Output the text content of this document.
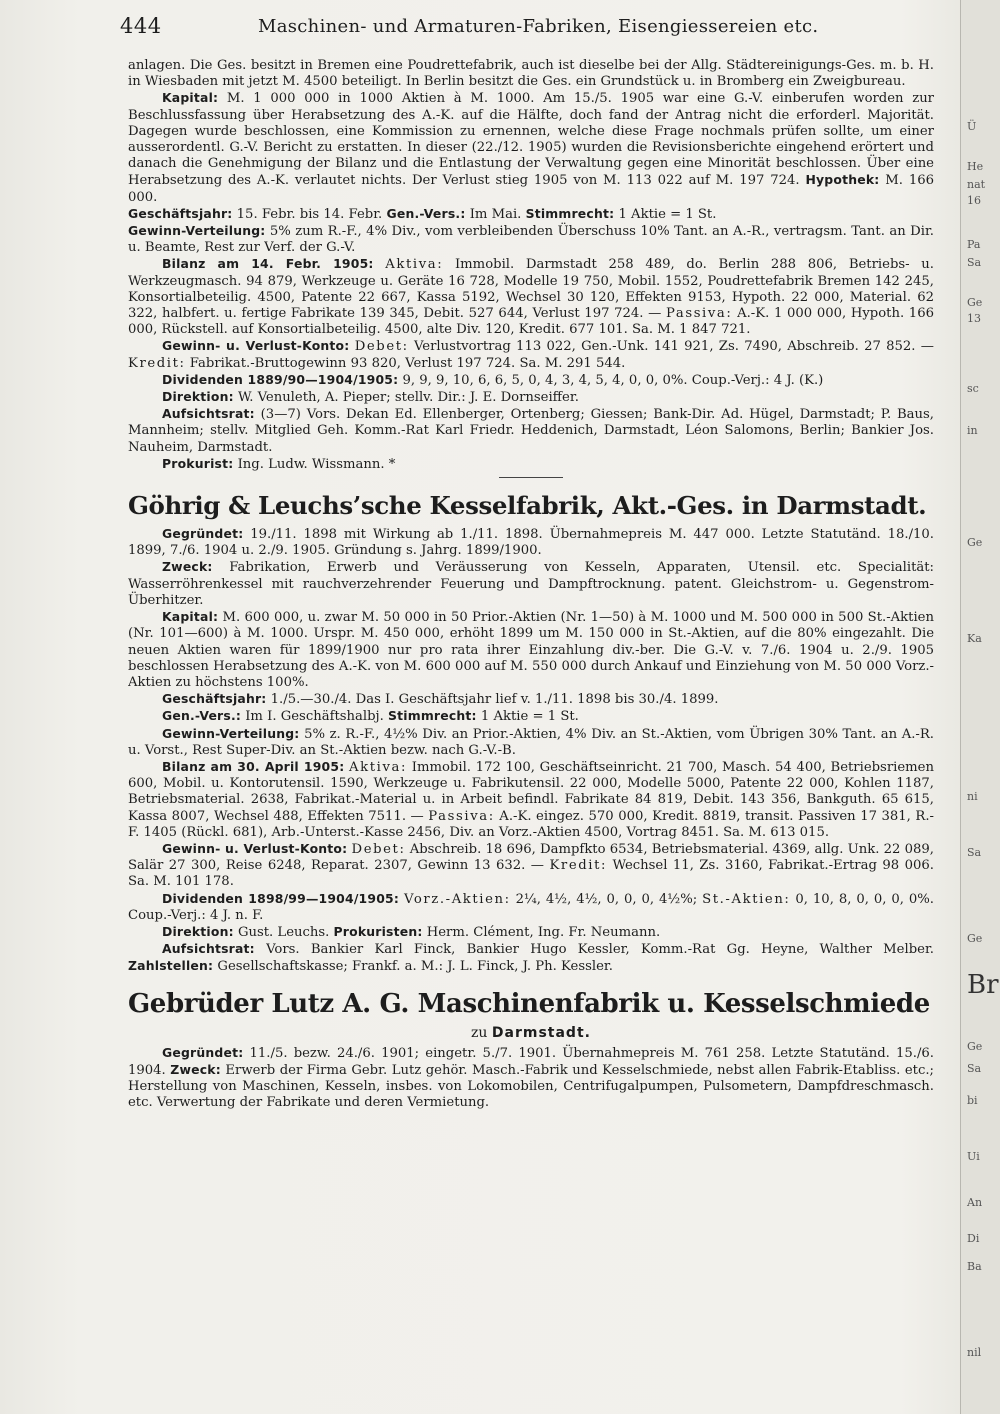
444	Maschinen- und Armaturen-Fabriken, Eisengiessereien etc.
Ü
He
nat
16
Pa
Sa
Ge
13
sc
in
Ge
Ka
ni
Sa
Ge
Br
Ge
Sa
bi
Ui
An
Di
Ba
nil

anlagen. Die Ges. besitzt in Bremen eine Poudrettefabrik, auch ist dieselbe bei der Allg. Städtereinigungs-Ges. m. b. H. in Wiesbaden mit jetzt M. 4500 beteiligt. In Berlin besitzt die Ges. ein Grundstück u. in Bromberg ein Zweigbureau.

Kapital: M. 1 000 000 in 1000 Aktien à M. 1000. Am 15./5. 1905 war eine G.-V. einberufen worden zur Beschlussfassung über Herabsetzung des A.-K. auf die Hälfte, doch fand der Antrag nicht die erforderl. Majorität. Dagegen wurde beschlossen, eine Kommission zu ernennen, welche diese Frage nochmals prüfen sollte, um einer ausserordentl. G.-V. Bericht zu erstatten. In dieser (22./12. 1905) wurden die Revisionsberichte eingehend erörtert und danach die Genehmigung der Bilanz und die Entlastung der Verwaltung gegen eine Minorität beschlossen. Über eine Herabsetzung des A.-K. verlautet nichts. Der Verlust stieg 1905 von M. 113 022 auf M. 197 724. Hypothek: M. 166 000.

Geschäftsjahr: 15. Febr. bis 14. Febr. Gen.-Vers.: Im Mai. Stimmrecht: 1 Aktie = 1 St.

Gewinn-Verteilung: 5% zum R.-F., 4% Div., vom verbleibenden Überschuss 10% Tant. an A.-R., vertragsm. Tant. an Dir. u. Beamte, Rest zur Verf. der G.-V.

Bilanz am 14. Febr. 1905: Aktiva: Immobil. Darmstadt 258 489, do. Berlin 288 806, Betriebs- u. Werkzeugmasch. 94 879, Werkzeuge u. Geräte 16 728, Modelle 19 750, Mobil. 1552, Poudrettefabrik Bremen 142 245, Konsortialbeteilig. 4500, Patente 22 667, Kassa 5192, Wechsel 30 120, Effekten 9153, Hypoth. 22 000, Material. 62 322, halbfert. u. fertige Fabrikate 139 345, Debit. 527 644, Verlust 197 724. — Passiva: A.-K. 1 000 000, Hypoth. 166 000, Rückstell. auf Konsortialbeteilig. 4500, alte Div. 120, Kredit. 677 101. Sa. M. 1 847 721.

Gewinn- u. Verlust-Konto: Debet: Verlustvortrag 113 022, Gen.-Unk. 141 921, Zs. 7490, Abschreib. 27 852. — Kredit: Fabrikat.-Bruttogewinn 93 820, Verlust 197 724. Sa. M. 291 544.

Dividenden 1889/90—1904/1905: 9, 9, 9, 10, 6, 6, 5, 0, 4, 3, 4, 5, 4, 0, 0, 0%. Coup.-Verj.: 4 J. (K.)

Direktion: W. Venuleth, A. Pieper; stellv. Dir.: J. E. Dornseiffer.

Aufsichtsrat: (3—7) Vors. Dekan Ed. Ellenberger, Ortenberg; Giessen; Bank-Dir. Ad. Hügel, Darmstadt; P. Baus, Mannheim; stellv. Mitglied Geh. Komm.-Rat Karl Friedr. Heddenich, Darmstadt, Léon Salomons, Berlin; Bankier Jos. Nauheim, Darmstadt.

Prokurist: Ing. Ludw. Wissmann. *

Göhrig & Leuchs’sche Kesselfabrik, Akt.-Ges. in Darmstadt.

Gegründet: 19./11. 1898 mit Wirkung ab 1./11. 1898. Übernahmepreis M. 447 000. Letzte Statutänd. 18./10. 1899, 7./6. 1904 u. 2./9. 1905. Gründung s. Jahrg. 1899/1900.

Zweck: Fabrikation, Erwerb und Veräusserung von Kesseln, Apparaten, Utensil. etc. Specialität: Wasserröhrenkessel mit rauchverzehrender Feuerung und Dampftrocknung. patent. Gleichstrom- u. Gegenstrom-Überhitzer.

Kapital: M. 600 000, u. zwar M. 50 000 in 50 Prior.-Aktien (Nr. 1—50) à M. 1000 und M. 500 000 in 500 St.-Aktien (Nr. 101—600) à M. 1000. Urspr. M. 450 000, erhöht 1899 um M. 150 000 in St.-Aktien, auf die 80% eingezahlt. Die neuen Aktien waren für 1899/1900 nur pro rata ihrer Einzahlung div.-ber. Die G.-V. v. 7./6. 1904 u. 2./9. 1905 beschlossen Herabsetzung des A.-K. von M. 600 000 auf M. 550 000 durch Ankauf und Einziehung von M. 50 000 Vorz.-Aktien zu höchstens 100%.

Geschäftsjahr: 1./5.—30./4. Das I. Geschäftsjahr lief v. 1./11. 1898 bis 30./4. 1899.

Gen.-Vers.: Im I. Geschäftshalbj. Stimmrecht: 1 Aktie = 1 St.

Gewinn-Verteilung: 5% z. R.-F., 4½% Div. an Prior.-Aktien, 4% Div. an St.-Aktien, vom Übrigen 30% Tant. an A.-R. u. Vorst., Rest Super-Div. an St.-Aktien bezw. nach G.-V.-B.

Bilanz am 30. April 1905: Aktiva: Immobil. 172 100, Geschäftseinricht. 21 700, Masch. 54 400, Betriebsriemen 600, Mobil. u. Kontorutensil. 1590, Werkzeuge u. Fabrikutensil. 22 000, Modelle 5000, Patente 22 000, Kohlen 1187, Betriebsmaterial. 2638, Fabrikat.-Material u. in Arbeit befindl. Fabrikate 84 819, Debit. 143 356, Bankguth. 65 615, Kassa 8007, Wechsel 488, Effekten 7511. — Passiva: A.-K. eingez. 570 000, Kredit. 8819, transit. Passiven 17 381, R.-F. 1405 (Rückl. 681), Arb.-Unterst.-Kasse 2456, Div. an Vorz.-Aktien 4500, Vortrag 8451. Sa. M. 613 015.

Gewinn- u. Verlust-Konto: Debet: Abschreib. 18 696, Dampfkto 6534, Betriebsmaterial. 4369, allg. Unk. 22 089, Salär 27 300, Reise 6248, Reparat. 2307, Gewinn 13 632. — Kredit: Wechsel 11, Zs. 3160, Fabrikat.-Ertrag 98 006. Sa. M. 101 178.

Dividenden 1898/99—1904/1905: Vorz.-Aktien: 2¼, 4½, 4½, 0, 0, 0, 4½%; St.-Aktien: 0, 10, 8, 0, 0, 0, 0%. Coup.-Verj.: 4 J. n. F.

Direktion: Gust. Leuchs. Prokuristen: Herm. Clément, Ing. Fr. Neumann.

Aufsichtsrat: Vors. Bankier Karl Finck, Bankier Hugo Kessler, Komm.-Rat Gg. Heyne, Walther Melber. Zahlstellen: Gesellschaftskasse; Frankf. a. M.: J. L. Finck, J. Ph. Kessler.

Gebrüder Lutz A. G. Maschinenfabrik u. Kesselschmiede

zu Darmstadt.

Gegründet: 11./5. bezw. 24./6. 1901; eingetr. 5./7. 1901. Übernahmepreis M. 761 258. Letzte Statutänd. 15./6. 1904. Zweck: Erwerb der Firma Gebr. Lutz gehör. Masch.-Fabrik und Kesselschmiede, nebst allen Fabrik-Etabliss. etc.; Herstellung von Maschinen, Kesseln, insbes. von Lokomobilen, Centrifugalpumpen, Pulsometern, Dampfdreschmasch. etc. Verwertung der Fabrikate und deren Vermietung.
